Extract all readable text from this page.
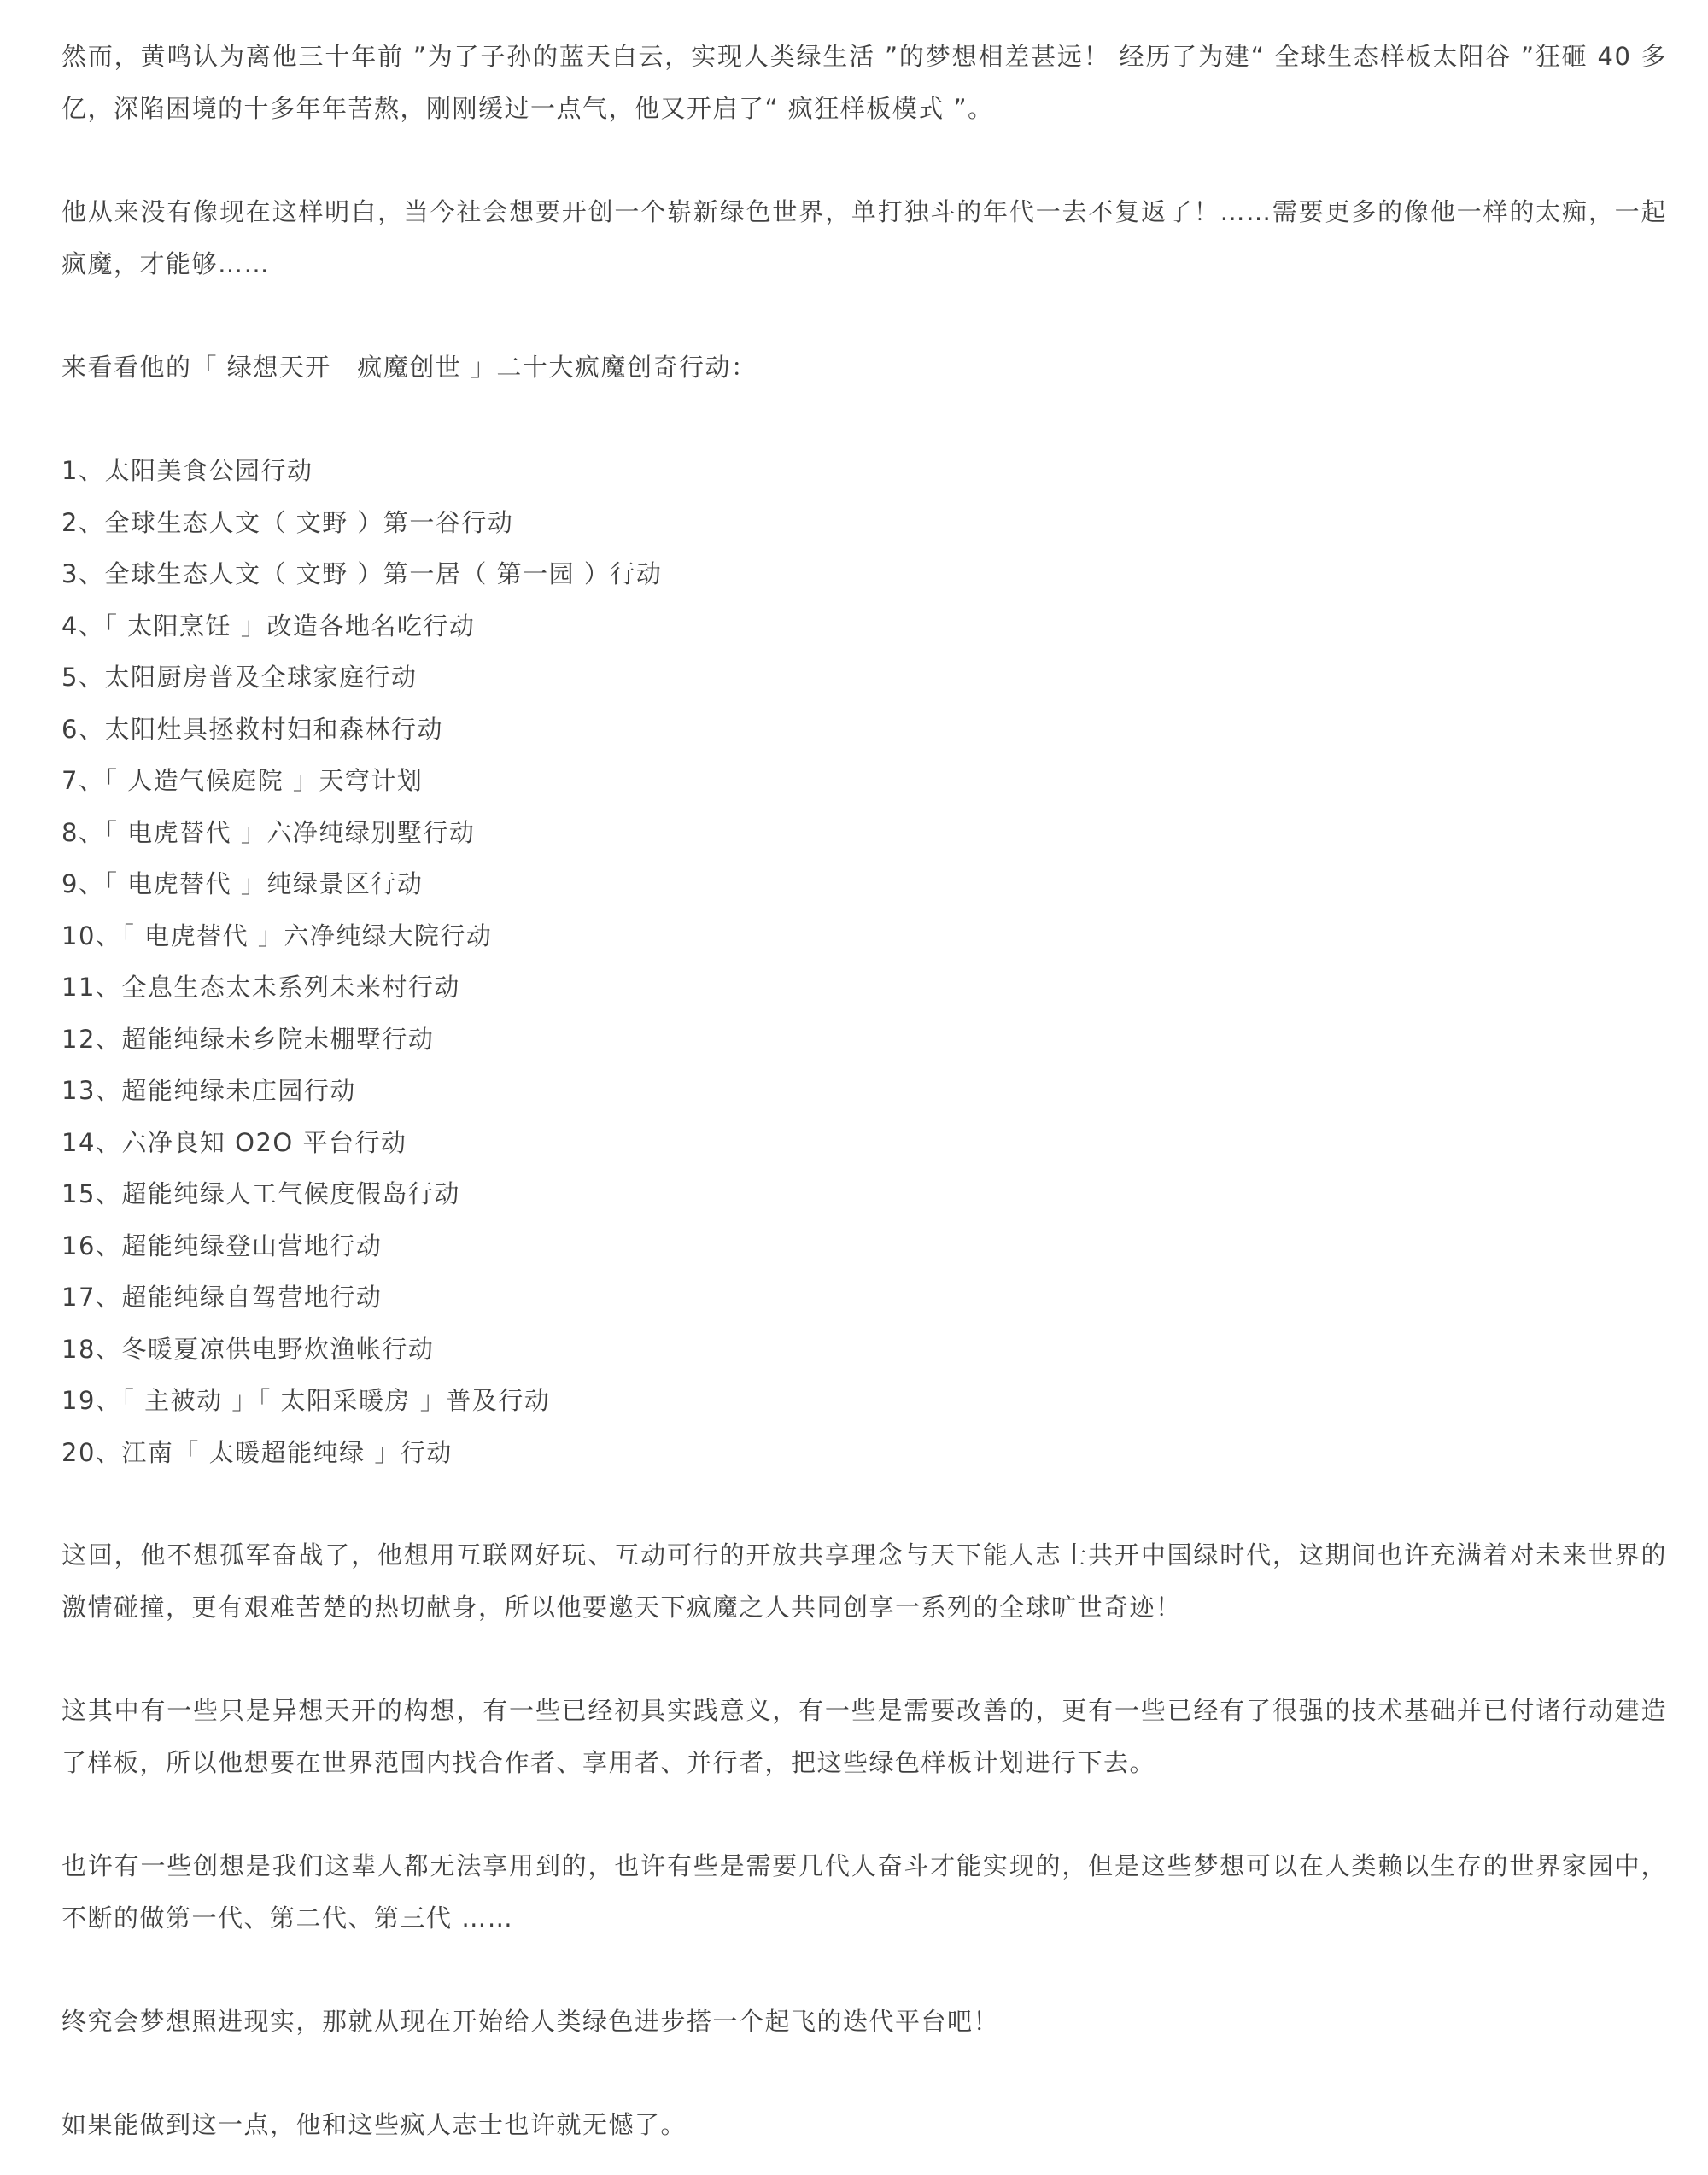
然而，黄鸣认为离他三十年前 ”为了子孙的蓝天白云，实现人类绿生活 ”的梦想相差甚远！ 经历了为建“ 全球生态样板太阳谷 ”狂砸 40 多亿，深陷困境的十多年年苦熬，刚刚缓过一点气，他又开启了“ 疯狂样板模式 ”。

他从来没有像现在这样明白，当今社会想要开创一个崭新绿色世界，单打独斗的年代一去不复返了！……需要更多的像他一样的太痴，一起疯魔，才能够……

来看看他的「 绿想天开　疯魔创世 」二十大疯魔创奇行动：

1、太阳美食公园行动
2、全球生态人文（ 文野 ）第一谷行动
3、全球生态人文（ 文野 ）第一居（ 第一园 ）行动
4、「 太阳烹饪 」改造各地名吃行动
5、太阳厨房普及全球家庭行动
6、太阳灶具拯救村妇和森林行动
7、「 人造气候庭院 」天穹计划
8、「 电虎替代 」六净纯绿别墅行动
9、「 电虎替代 」纯绿景区行动
10、「 电虎替代 」六净纯绿大院行动
11、全息生态太未系列未来村行动
12、超能纯绿未乡院未棚墅行动
13、超能纯绿未庄园行动
14、六净良知 O2O 平台行动
15、超能纯绿人工气候度假岛行动
16、超能纯绿登山营地行动
17、超能纯绿自驾营地行动
18、冬暖夏凉供电野炊渔帐行动
19、「 主被动 」「 太阳采暖房 」普及行动
20、江南「 太暖超能纯绿 」行动

这回，他不想孤军奋战了，他想用互联网好玩、互动可行的开放共享理念与天下能人志士共开中国绿时代，这期间也许充满着对未来世界的激情碰撞，更有艰难苦楚的热切献身，所以他要邀天下疯魔之人共同创享一系列的全球旷世奇迹！

这其中有一些只是异想天开的构想，有一些已经初具实践意义，有一些是需要改善的，更有一些已经有了很强的技术基础并已付诸行动建造了样板，所以他想要在世界范围内找合作者、享用者、并行者，把这些绿色样板计划进行下去。

也许有一些创想是我们这辈人都无法享用到的，也许有些是需要几代人奋斗才能实现的，但是这些梦想可以在人类赖以生存的世界家园中，不断的做第一代、第二代、第三代 ……

终究会梦想照进现实，那就从现在开始给人类绿色进步搭一个起飞的迭代平台吧！

如果能做到这一点，他和这些疯人志士也许就无憾了。
